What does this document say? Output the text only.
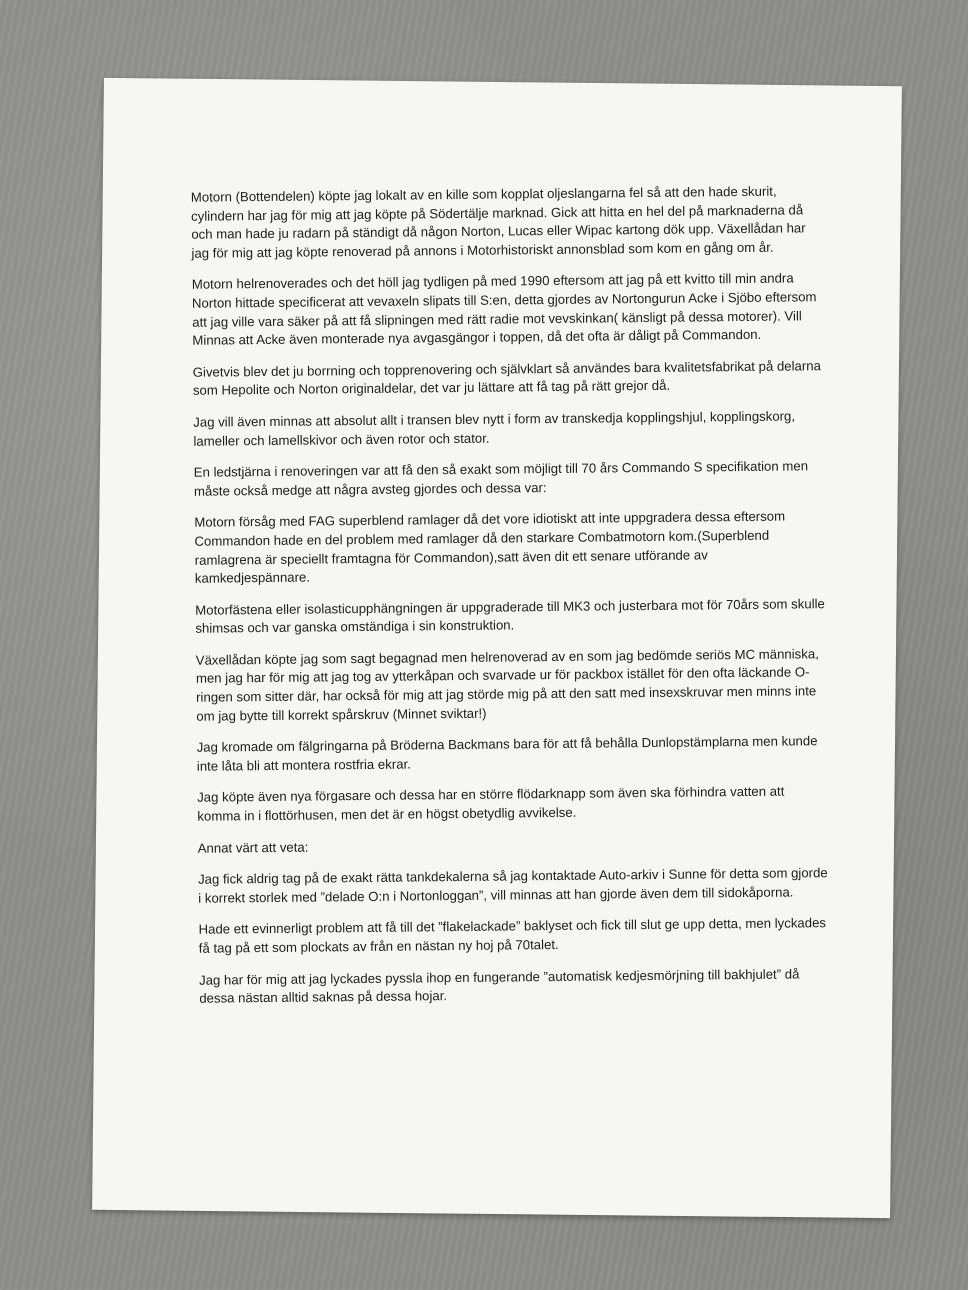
Motorn (Bottendelen) köpte jag lokalt av en kille som kopplat oljeslangarna fel så att den hade skurit, cylindern har jag för mig att jag köpte på Södertälje marknad. Gick att hitta en hel del på marknaderna då och man hade ju radarn på ständigt då någon Norton, Lucas eller Wipac kartong dök upp. Växellådan har jag för mig att jag köpte renoverad på annons i Motorhistoriskt annonsblad som kom en gång om år.

Motorn helrenoverades och det höll jag tydligen på med 1990 eftersom att jag på ett kvitto till min andra Norton hittade specificerat att vevaxeln slipats till S:en, detta gjordes av Nortongurun Acke i Sjöbo eftersom att jag ville vara säker på att få slipningen med rätt radie mot vevskinkan( känsligt på dessa motorer). Vill Minnas att Acke även monterade nya avgasgängor i toppen, då det ofta är dåligt på Commandon.

Givetvis blev det ju borrning och topprenovering och självklart så användes bara kvalitetsfabrikat på delarna som Hepolite och Norton originaldelar, det var ju lättare att få tag på rätt grejor då.

Jag vill även minnas att absolut allt i transen blev nytt i form av transkedja kopplingshjul, kopplingskorg, lameller och lamellskivor och även rotor och stator.

En ledstjärna i renoveringen var att få den så exakt som möjligt till 70 års Commando S specifikation men måste också medge att några avsteg gjordes och dessa var:

Motorn försåg med FAG superblend ramlager då det vore idiotiskt att inte uppgradera dessa eftersom Commandon hade en del problem med ramlager då den starkare Combatmotorn kom.(Superblend ramlagrena är speciellt framtagna för Commandon),satt även dit ett senare utförande av kamkedjespännare.

Motorfästena eller isolasticupphängningen är uppgraderade till MK3 och justerbara mot för 70års som skulle shimsas och var ganska omständiga i sin konstruktion.

Växellådan köpte jag som sagt begagnad men helrenoverad av en som jag bedömde seriös MC människa, men jag har för mig att jag tog av ytterkåpan och svarvade ur för packbox istället för den ofta läckande O-ringen som sitter där, har också för mig att jag störde mig på att den satt med insexskruvar men minns inte om jag bytte till korrekt spårskruv (Minnet sviktar!)

Jag kromade om fälgringarna på Bröderna Backmans bara för att få behålla Dunlopstämplarna men kunde inte låta bli att montera rostfria ekrar.

Jag köpte även nya förgasare och dessa har en större flödarknapp som även ska förhindra vatten att komma in i flottörhusen, men det är en högst obetydlig avvikelse.

Annat värt att veta:

Jag fick aldrig tag på de exakt rätta tankdekalerna så jag kontaktade Auto-arkiv i Sunne för detta som gjorde i korrekt storlek med ”delade O:n i Nortonloggan”, vill minnas att han gjorde även dem till sidokåporna.

Hade ett evinnerligt problem att få till det ”flakelackade” baklyset och fick till slut ge upp detta, men lyckades få tag på ett som plockats av från en nästan ny hoj på 70talet.

Jag har för mig att jag lyckades pyssla ihop en fungerande ”automatisk kedjesmörjning till bakhjulet” då dessa nästan alltid saknas på dessa hojar.
